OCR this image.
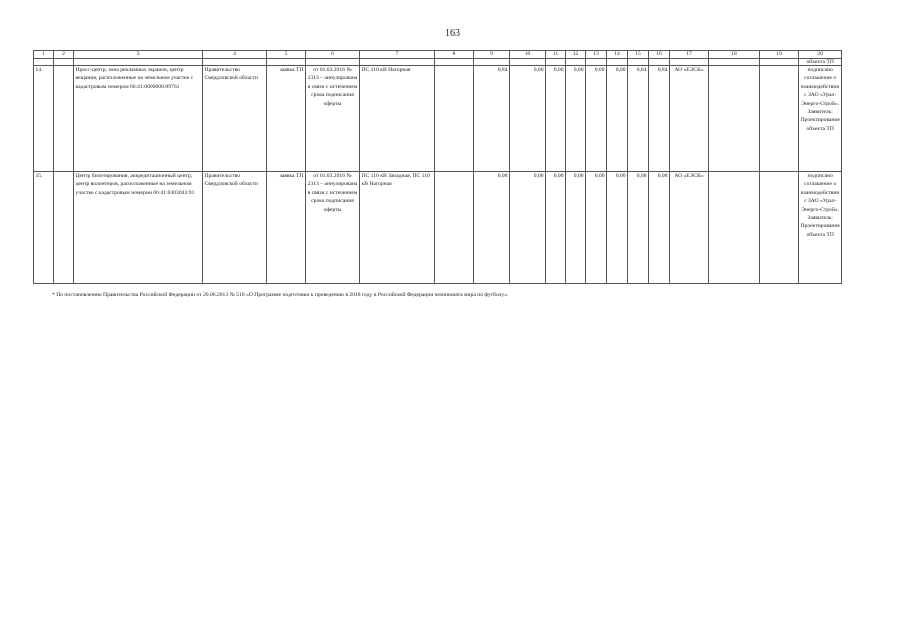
163
1	2	3	4	5	6	7	8	9	10	11	12	13	14	15	16	17	18	19	20
																			объекта ТП
14.		Пресс-центр, зона рекламных экранов, центр вещания, расположенные на земельном участке с кадастровым номером 66:41:0000000:89761	Правительство Свердловской области	заявка ТП	от 01.03.2016 № 2313 – аннулирована в связи с истечением срока подписания оферты	ПС 110 кВ Нагорная		0,84	0,00	0,00	0,00	0,00	0,00	0,84	0,84	АО «ЕЭСК»			подписано соглашение о взаимодействии с ЗАО «Урал-Энерго-Строй». Заявитель: Проектирование объекта ТП
15.		Центр билетирования, аккредитационный центр, центр волонтеров, расположенные на земельном участке с кадастровым номером 66:41:0303043:91	Правительство Свердловской области	заявка ТП	от 01.03.2016 № 2313 – аннулирована в связи с истечением срока подписания оферты	ПС 110 кВ Западная, ПС 110 кВ Нагорная		0,08	0,00	0,00	0,00	0,00	0,00	0,08	0,08	АО «ЕЭСК»			подписано соглашение о взаимодействии с ЗАО «Урал-Энерго-Строй». Заявитель: Проектирование объекта ТП
* По постановлению Правительства Российской Федерации от 20.06.2013 № 518 «О Программе подготовки к проведению в 2018 году в Российской Федерации чемпионата мира по футболу».
